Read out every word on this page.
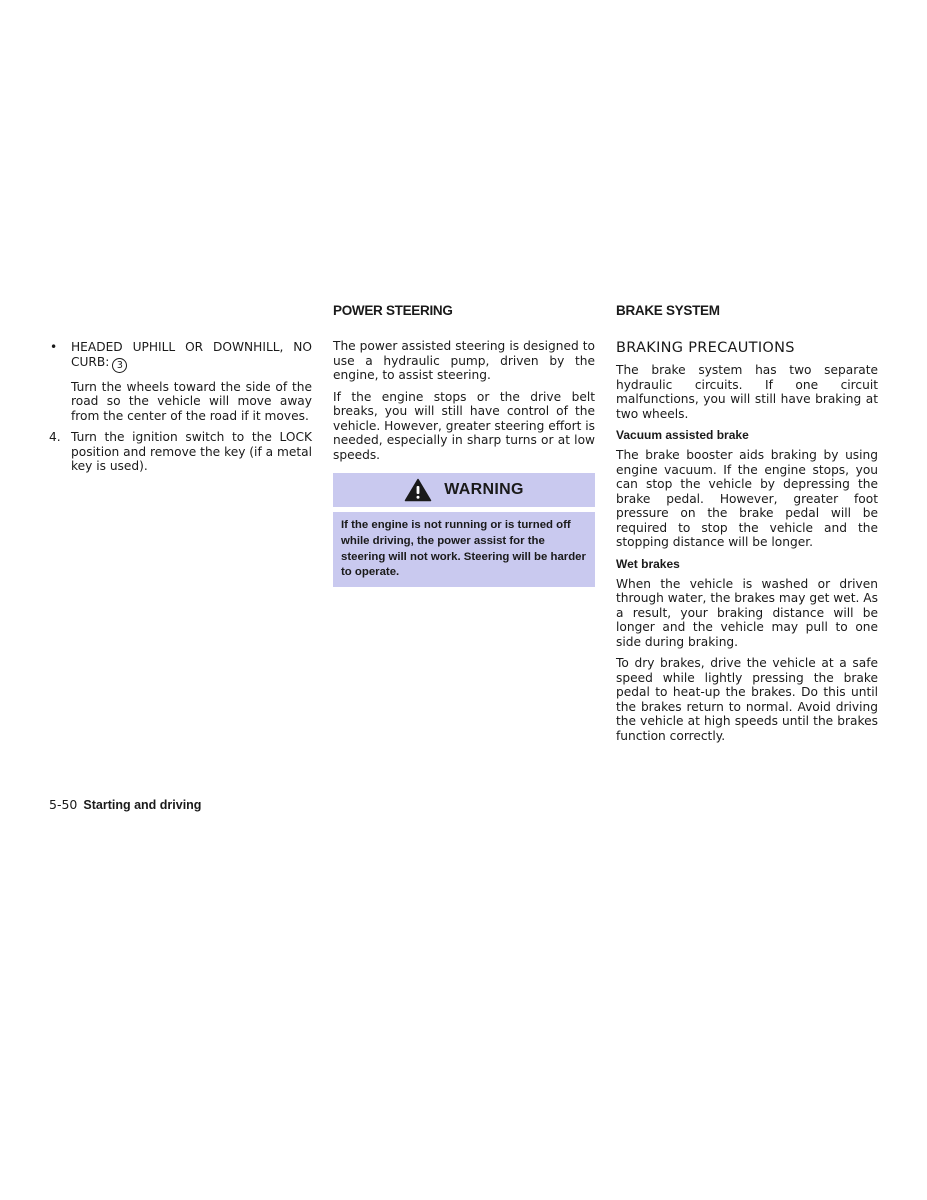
• HEADED UPHILL OR DOWNHILL, NO CURB: 3

Turn the wheels toward the side of the road so the vehicle will move away from the center of the road if it moves.

4. Turn the ignition switch to the LOCK position and remove the key (if a metal key is used).
POWER STEERING

The power assisted steering is designed to use a hydraulic pump, driven by the engine, to assist steering.

If the engine stops or the drive belt breaks, you will still have control of the vehicle. However, greater steering effort is needed, especially in sharp turns or at low speeds.

WARNING
If the engine is not running or is turned off while driving, the power assist for the steering will not work. Steering will be harder to operate.
BRAKE SYSTEM
BRAKING PRECAUTIONS

The brake system has two separate hydraulic circuits. If one circuit malfunctions, you will still have braking at two wheels.

Vacuum assisted brake

The brake booster aids braking by using engine vacuum. If the engine stops, you can stop the vehicle by depressing the brake pedal. However, greater foot pressure on the brake pedal will be required to stop the vehicle and the stopping distance will be longer.

Wet brakes

When the vehicle is washed or driven through water, the brakes may get wet. As a result, your braking distance will be longer and the vehicle may pull to one side during braking.

To dry brakes, drive the vehicle at a safe speed while lightly pressing the brake pedal to heat-up the brakes. Do this until the brakes return to normal. Avoid driving the vehicle at high speeds until the brakes function correctly.

5-50 Starting and driving
